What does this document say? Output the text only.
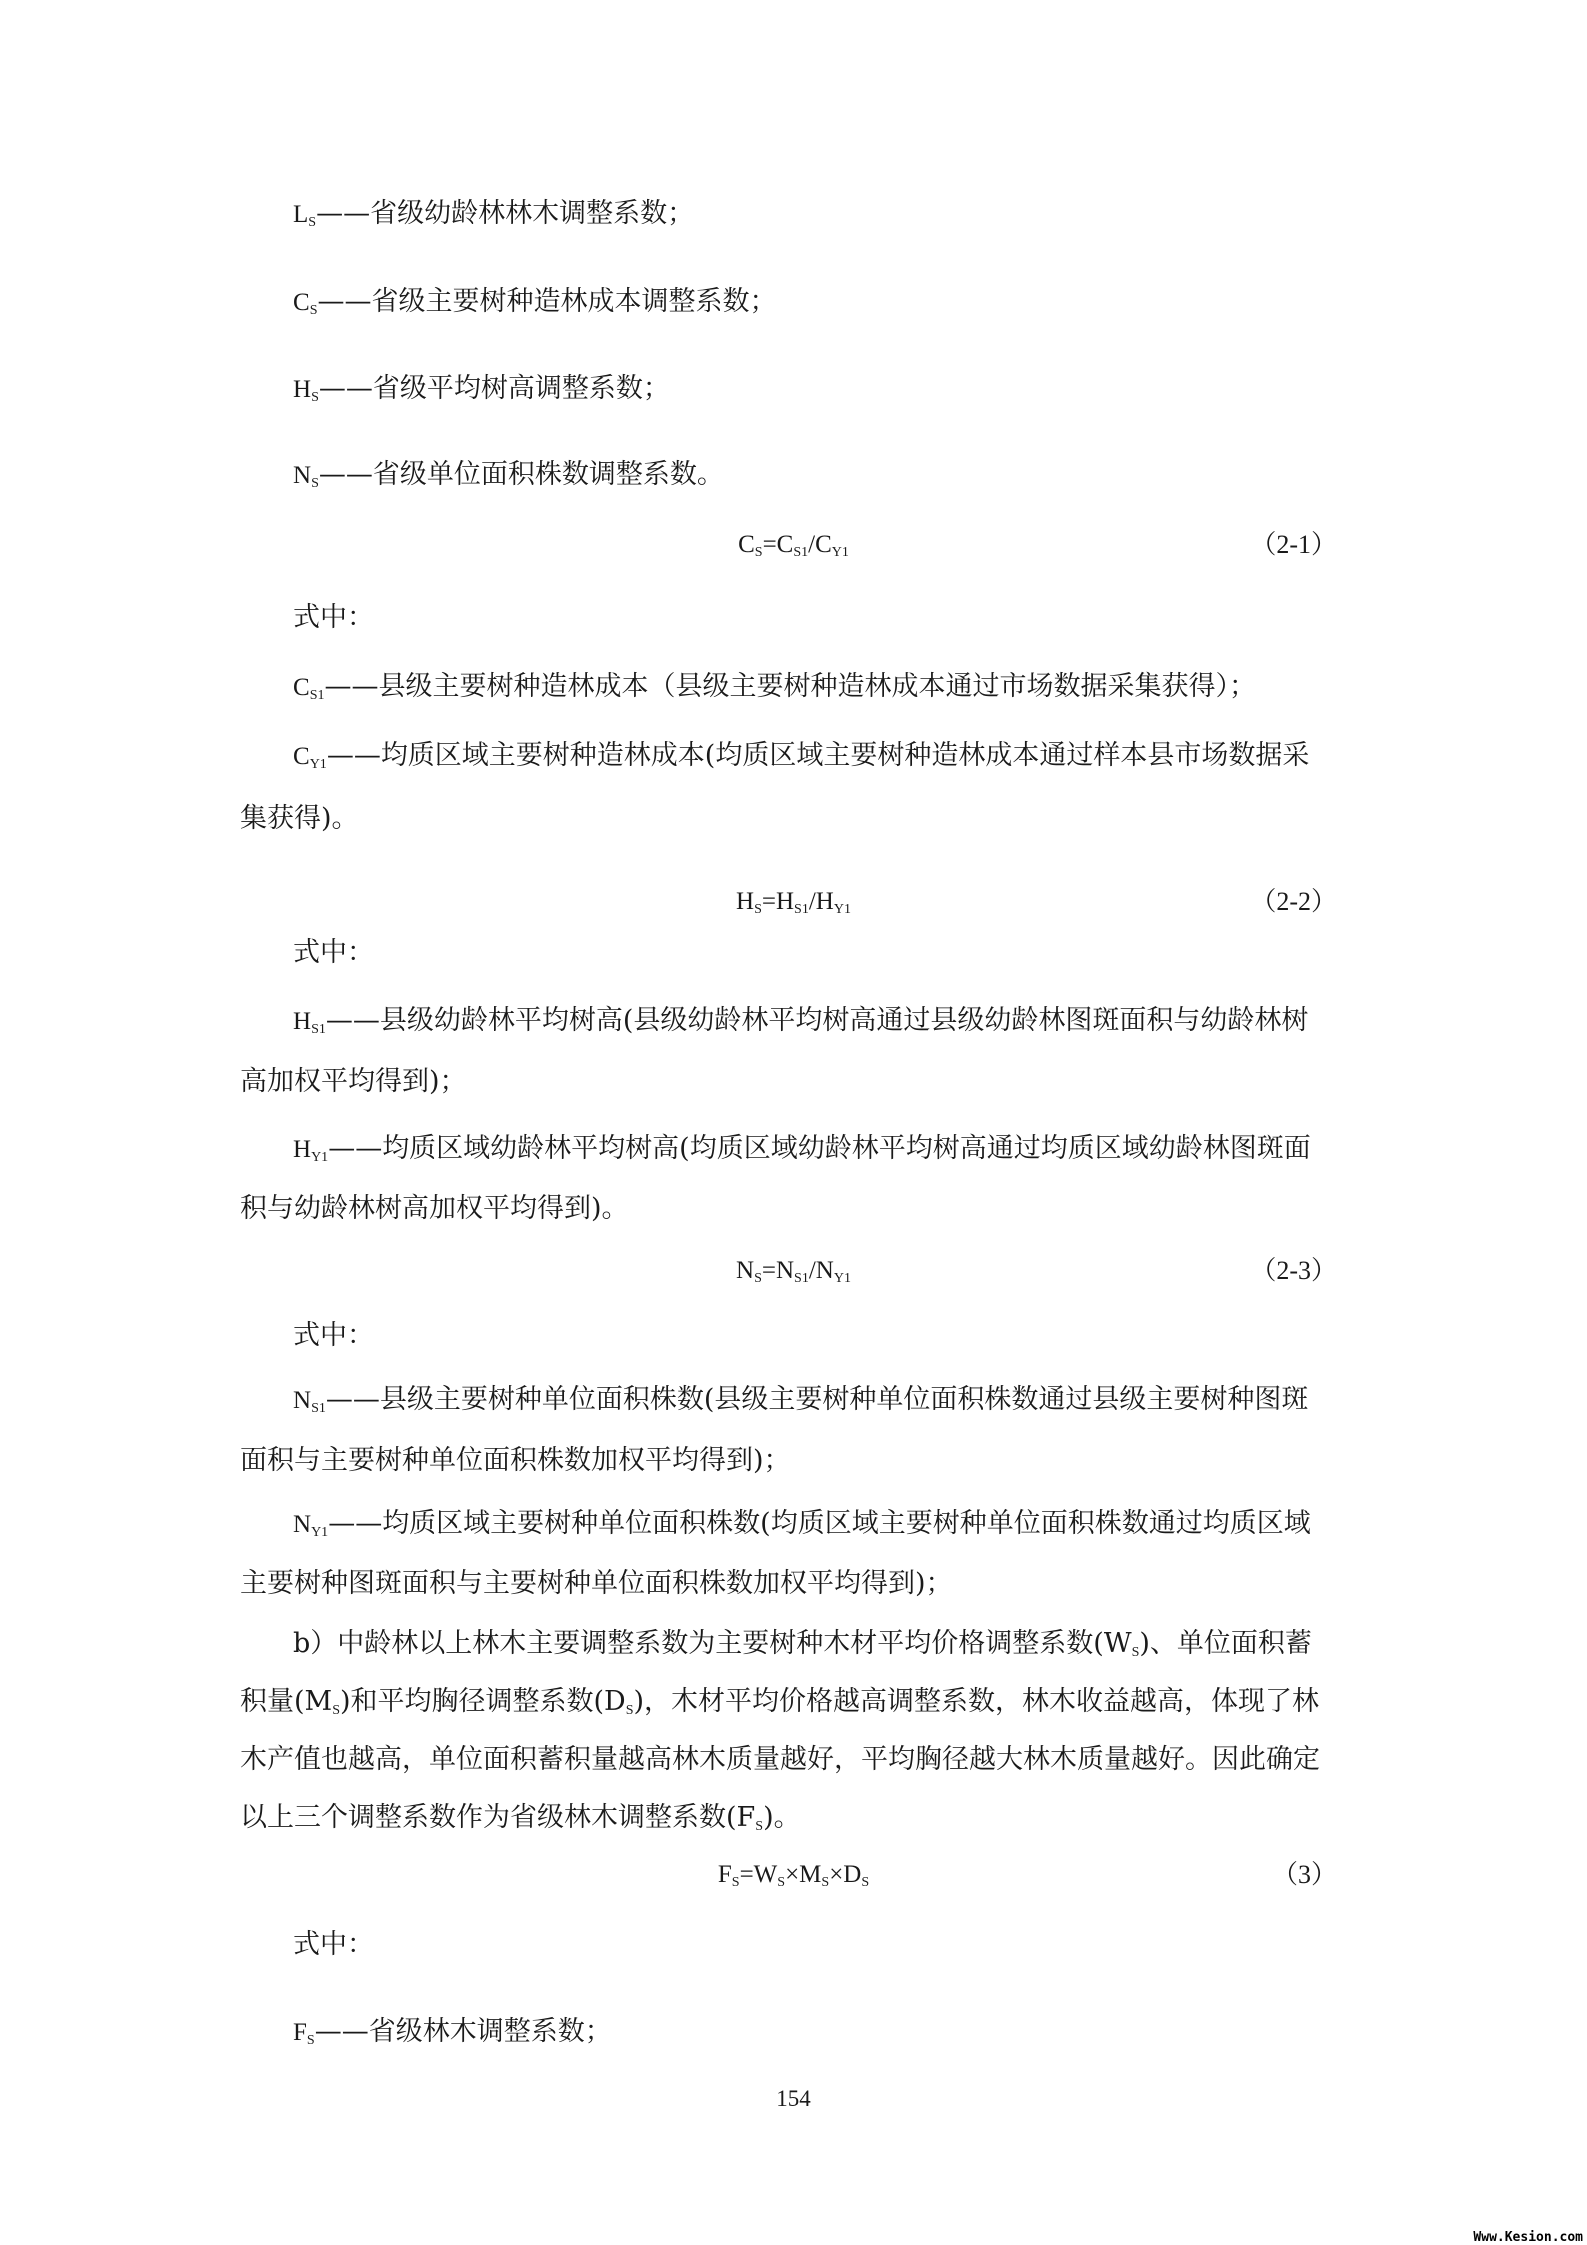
$L_S——$省级幼龄林林木调整系数；
$C_S——$省级主要树种造林成本调整系数；
$H_S——$省级平均树高调整系数；
$N_S——$省级单位面积株数调整系数。
$C_S=C_{S1}/C_{Y1}$	（2-1）
式中：
$C_{S1}——$县级主要树种造林成本（县级主要树种造林成本通过市场数据采集获得）；
$C_{Y1}——$均质区域主要树种造林成本(均质区域主要树种造林成本通过样本县市场数据采
集获得)。
$H_S=H_{S1}/H_{Y1}$	（2-2）
式中：
$H_{S1}——$县级幼龄林平均树高(县级幼龄林平均树高通过县级幼龄林图斑面积与幼龄林树
高加权平均得到)；
$H_{Y1}——$均质区域幼龄林平均树高(均质区域幼龄林平均树高通过均质区域幼龄林图斑面
积与幼龄林树高加权平均得到)。
$N_S=N_{S1}/N_{Y1}$	（2-3）
式中：
$N_{S1}——$县级主要树种单位面积株数(县级主要树种单位面积株数通过县级主要树种图斑
面积与主要树种单位面积株数加权平均得到)；
$N_{Y1}——$均质区域主要树种单位面积株数(均质区域主要树种单位面积株数通过均质区域
主要树种图斑面积与主要树种单位面积株数加权平均得到)；
b）中龄林以上林木主要调整系数为主要树种木材平均价格调整系数$(W_S)$、单位面积蓄
积量$(M_S)$和平均胸径调整系数$(D_S)$，木材平均价格越高调整系数，林木收益越高，体现了林
木产值也越高，单位面积蓄积量越高林木质量越好，平均胸径越大林木质量越好。因此确定
以上三个调整系数作为省级林木调整系数$(F_S)$。
$F_S=W_S\times M_S\times D_S$	（3）
式中：
$F_S——$省级林木调整系数；
154
Www.Kesion.com
